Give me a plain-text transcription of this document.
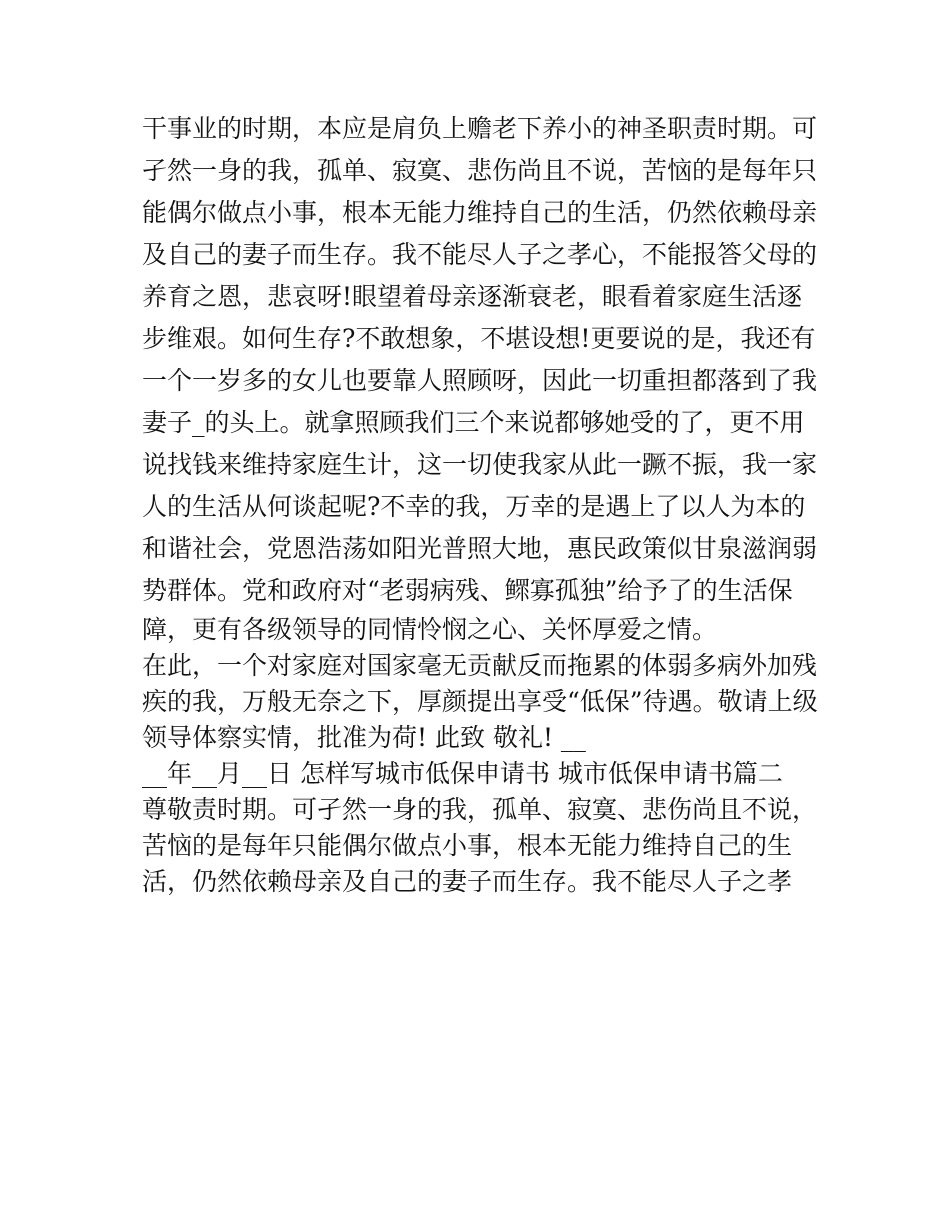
干事业的时期，本应是肩负上赡老下养小的神圣职责时期。可
孑然一身的我，孤单、寂寞、悲伤尚且不说，苦恼的是每年只
能偶尔做点小事，根本无能力维持自己的生活，仍然依赖母亲
及自己的妻子而生存。我不能尽人子之孝心，不能报答父母的
养育之恩，悲哀呀!眼望着母亲逐渐衰老，眼看着家庭生活逐
步维艰。如何生存?不敢想象，不堪设想!更要说的是，我还有
一个一岁多的女儿也要靠人照顾呀，因此一切重担都落到了我
妻子_的头上。就拿照顾我们三个来说都够她受的了，更不用
说找钱来维持家庭生计，这一切使我家从此一蹶不振，我一家
人的生活从何谈起呢?不幸的我，万幸的是遇上了以人为本的
和谐社会，党恩浩荡如阳光普照大地，惠民政策似甘泉滋润弱
势群体。党和政府对“老弱病残、鳏寡孤独”给予了的生活保
障，更有各级领导的同情怜悯之心、关怀厚爱之情。
在此，一个对家庭对国家毫无贡献反而拖累的体弱多病外加残
疾的我，万般无奈之下，厚颜提出享受“低保”待遇。敬请上级
领导体察实情，批准为荷! 此致 敬礼! __
__年__月__日 怎样写城市低保申请书 城市低保申请书篇二
尊敬责时期。可孑然一身的我，孤单、寂寞、悲伤尚且不说，
苦恼的是每年只能偶尔做点小事，根本无能力维持自己的生
活，仍然依赖母亲及自己的妻子而生存。我不能尽人子之孝
